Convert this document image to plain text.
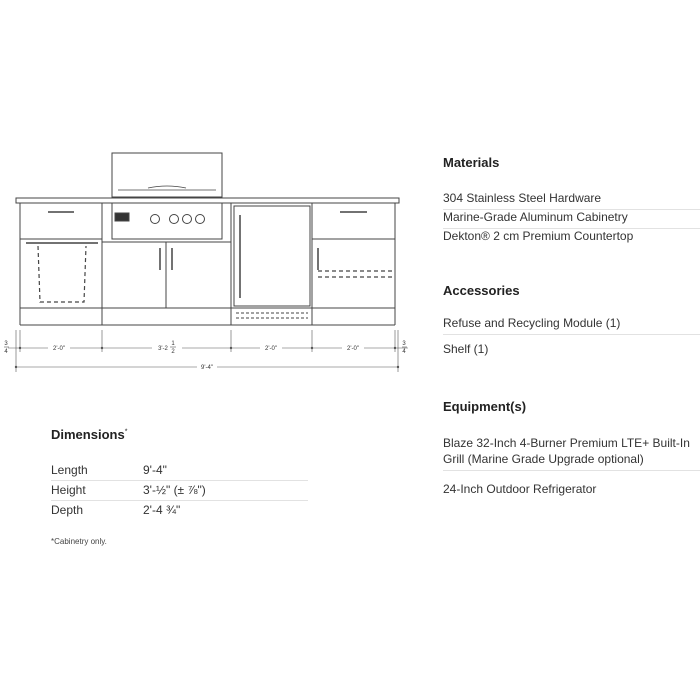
2'-0"	3'-2
1
2	2'-0"	2'-0"
9'-4"
3
4
3
4
Materials
304 Stainless Steel Hardware
Marine-Grade Aluminum Cabinetry
Dekton® 2 cm Premium Countertop
Accessories
Refuse and Recycling Module (1)
Shelf (1)
Equipment(s)
Blaze 32-Inch 4-Burner Premium LTE+ Built-In Grill (Marine Grade Upgrade optional)
24-Inch Outdoor Refrigerator
Dimensions*
Length	9'-4"
Height	3'-½" (± ⅞")
Depth	2'-4 ¾"
*Cabinetry only.
